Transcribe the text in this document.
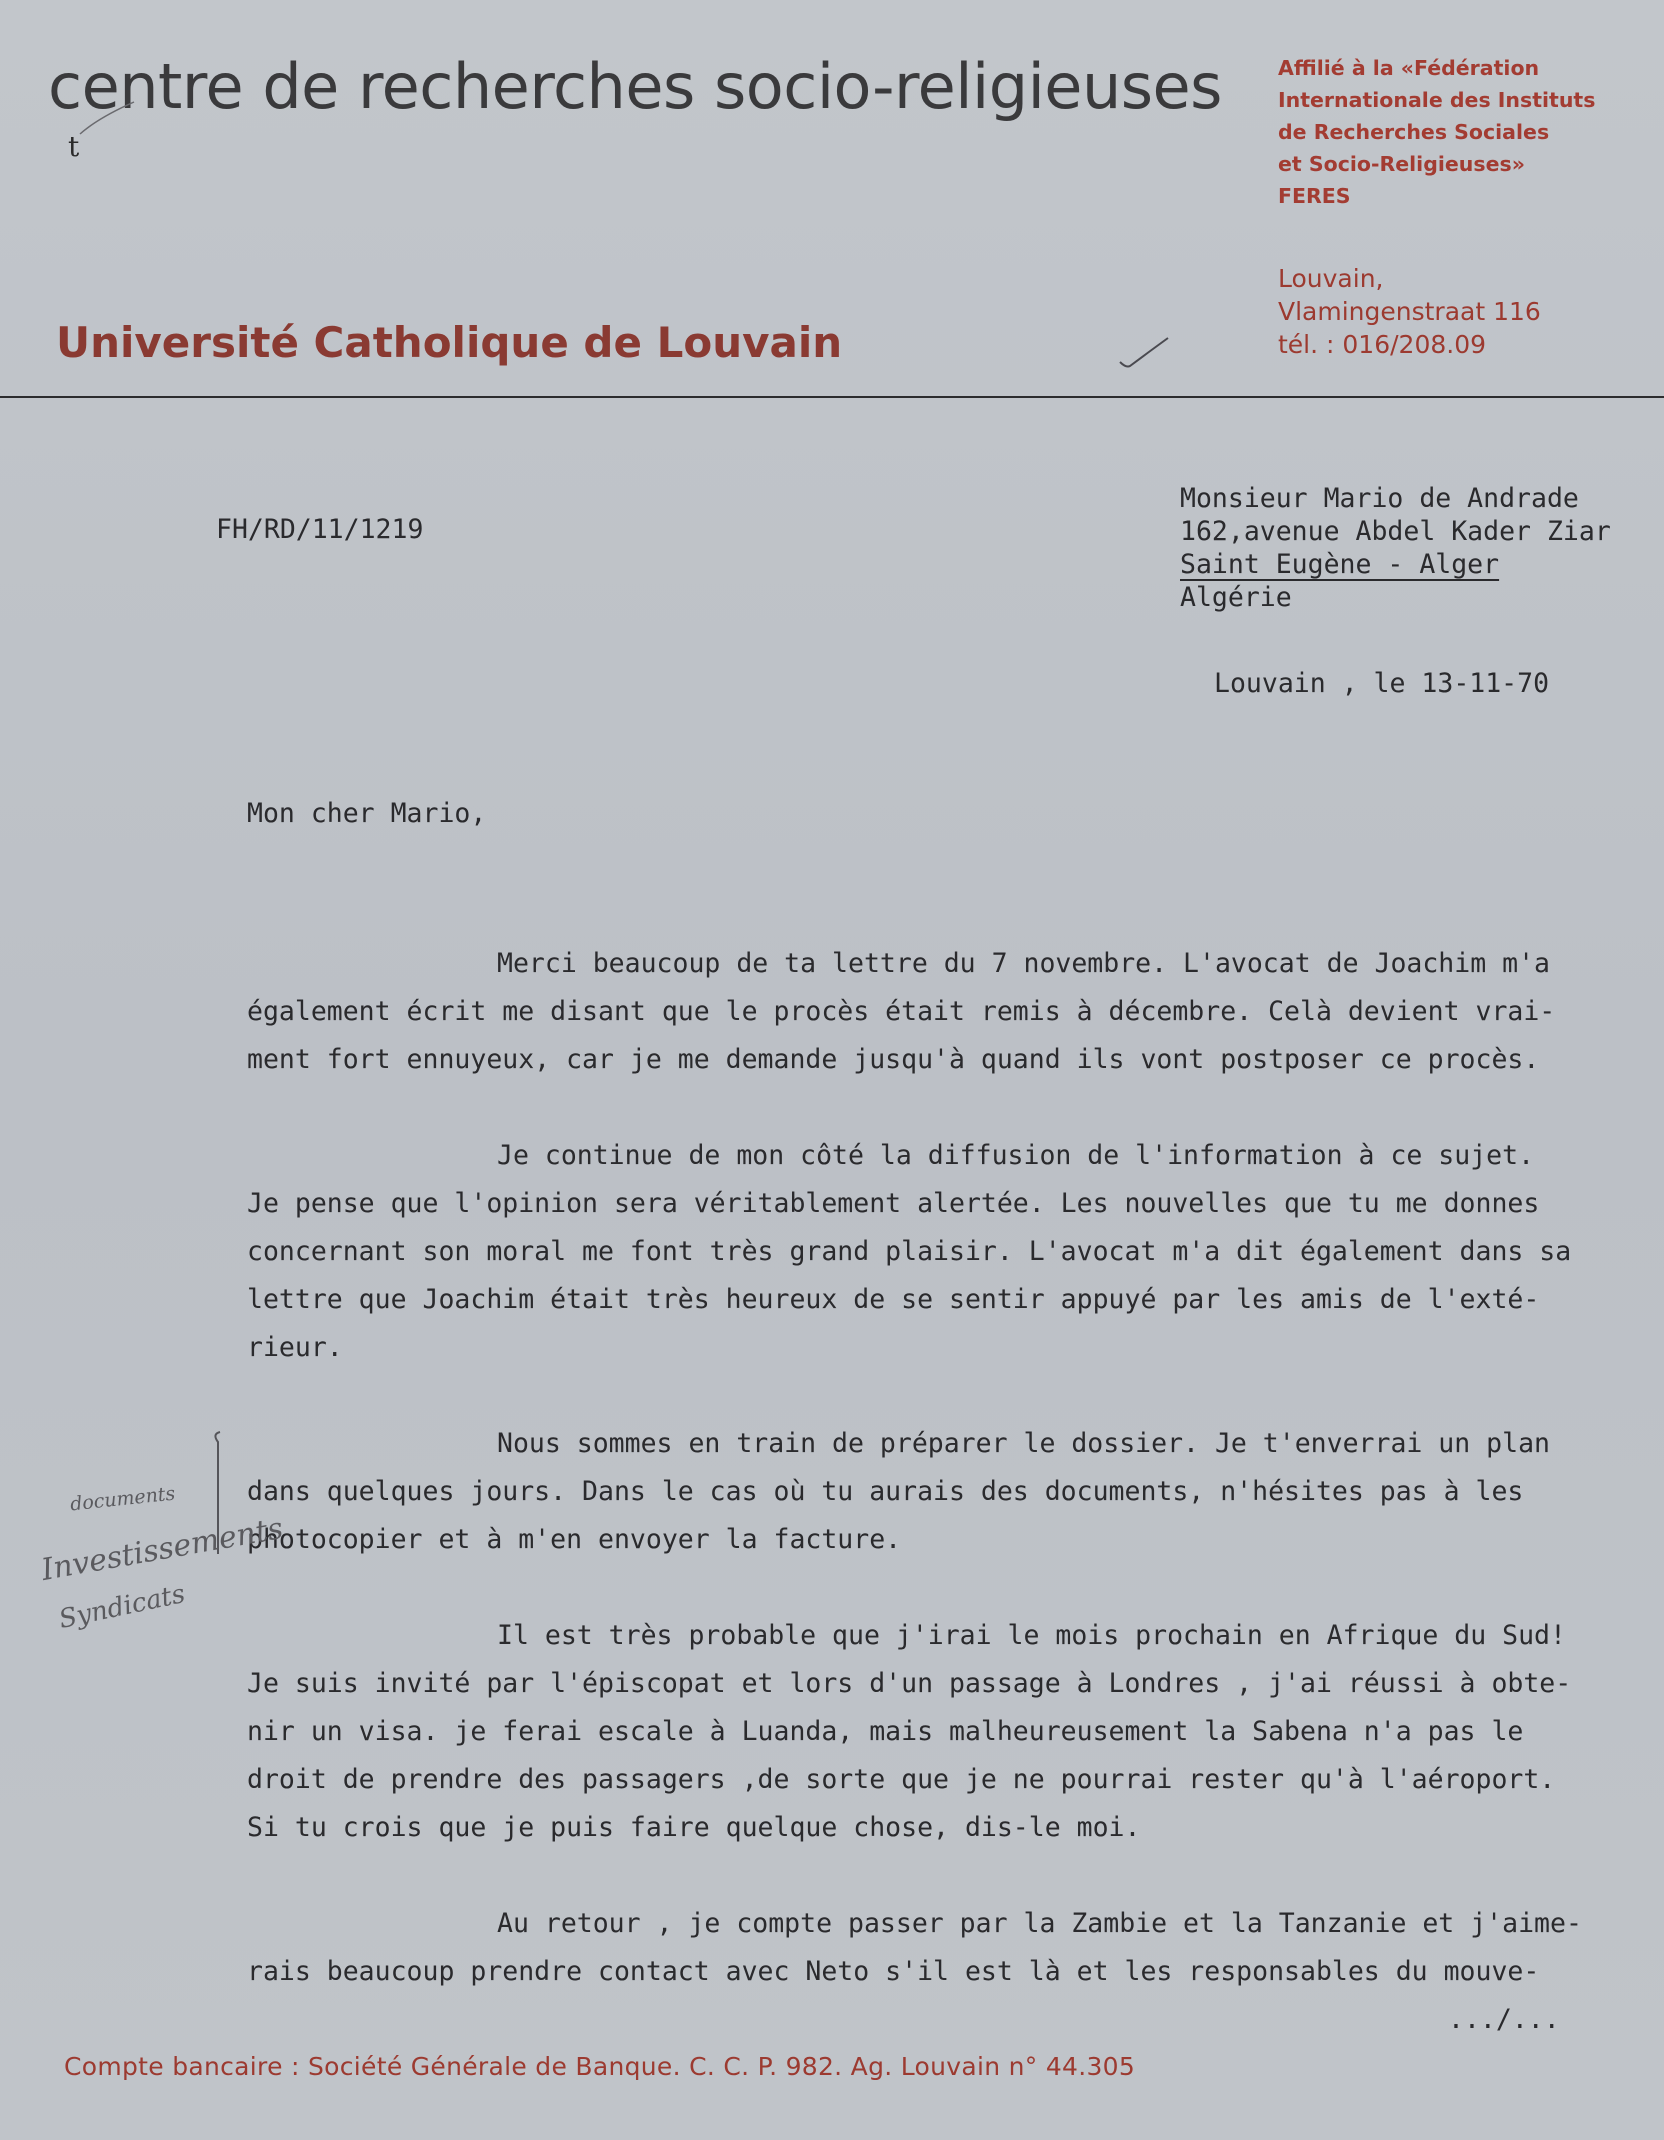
centre de recherches socio-religieuses
t
Université Catholique de Louvain
Affilié à la «Fédération
Internationale des Instituts
de Recherches Sociales
et Socio-Religieuses»
FERES
Louvain,
Vlamingenstraat 116
tél. : 016/208.09
FH/RD/11/1219
Monsieur Mario de Andrade
162,avenue Abdel Kader Ziar
Saint Eugène - Alger
Algérie
Louvain , le 13-11-70
Mon cher Mario,
Merci beaucoup de ta lettre du 7 novembre. L'avocat de Joachim m'a
également écrit me disant que le procès était remis à décembre. Celà devient vrai-
ment fort ennuyeux, car je me demande jusqu'à quand ils vont postposer ce procès.
Je continue de mon côté la diffusion de l'information à ce sujet.
Je pense que l'opinion sera véritablement alertée. Les nouvelles que tu me donnes
concernant son moral me font très grand plaisir. L'avocat m'a dit également dans sa
lettre que Joachim était très heureux de se sentir appuyé par les amis de l'exté-
rieur.
Nous sommes en train de préparer le dossier. Je t'enverrai un plan
dans quelques jours. Dans le cas où tu aurais des documents, n'hésites pas à les
photocopier et à m'en envoyer la facture.
Il est très probable que j'irai le mois prochain en Afrique du Sud!
Je suis invité par l'épiscopat et lors d'un passage à Londres , j'ai réussi à obte-
nir un visa. je ferai escale à Luanda, mais malheureusement la Sabena n'a pas le
droit de prendre des passagers ,de sorte que je ne pourrai rester qu'à l'aéroport.
Si tu crois que je puis faire quelque chose, dis-le moi.
Au retour , je compte passer par la Zambie et la Tanzanie et j'aime-
rais beaucoup prendre contact avec Neto s'il est là et les responsables du mouve-
documents
Investissements
Syndicats
.../...
Compte bancaire : Société Générale de Banque. C. C. P. 982. Ag. Louvain n° 44.305
